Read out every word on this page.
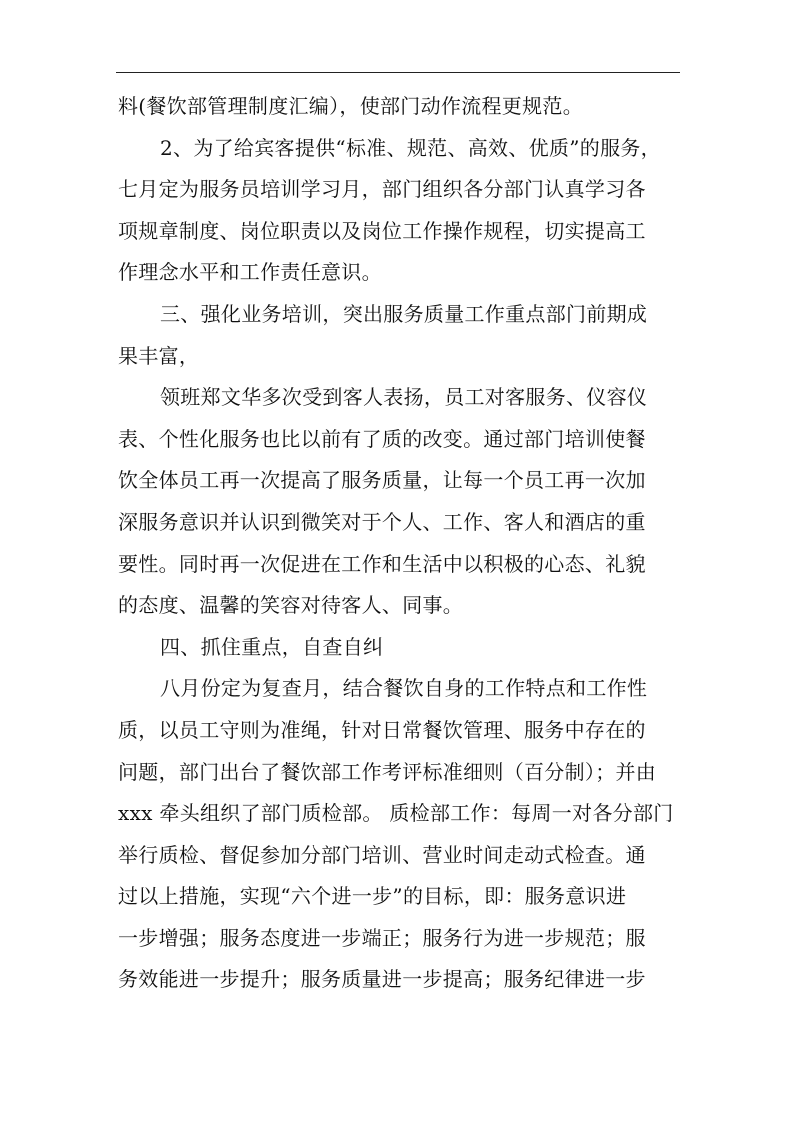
料(餐饮部管理制度汇编），使部门动作流程更规范。
2、为了给宾客提供“标准、规范、高效、优质”的服务，
七月定为服务员培训学习月，部门组织各分部门认真学习各
项规章制度、岗位职责以及岗位工作操作规程，切实提高工
作理念水平和工作责任意识。
三、强化业务培训，突出服务质量工作重点部门前期成
果丰富，
领班郑文华多次受到客人表扬，员工对客服务、仪容仪
表、个性化服务也比以前有了质的改变。通过部门培训使餐
饮全体员工再一次提高了服务质量，让每一个员工再一次加
深服务意识并认识到微笑对于个人、工作、客人和酒店的重
要性。同时再一次促进在工作和生活中以积极的心态、礼貌
的态度、温馨的笑容对待客人、同事。
四、抓住重点，自查自纠
八月份定为复查月，结合餐饮自身的工作特点和工作性
质，以员工守则为准绳，针对日常餐饮管理、服务中存在的
问题，部门出台了餐饮部工作考评标准细则（百分制）；并由
xxx 牵头组织了部门质检部。 质检部工作：每周一对各分部门
举行质检、督促参加分部门培训、营业时间走动式检查。通
过以上措施，实现“六个进一步”的目标，即：服务意识进
一步增强；服务态度进一步端正；服务行为进一步规范；服
务效能进一步提升；服务质量进一步提高；服务纪律进一步
